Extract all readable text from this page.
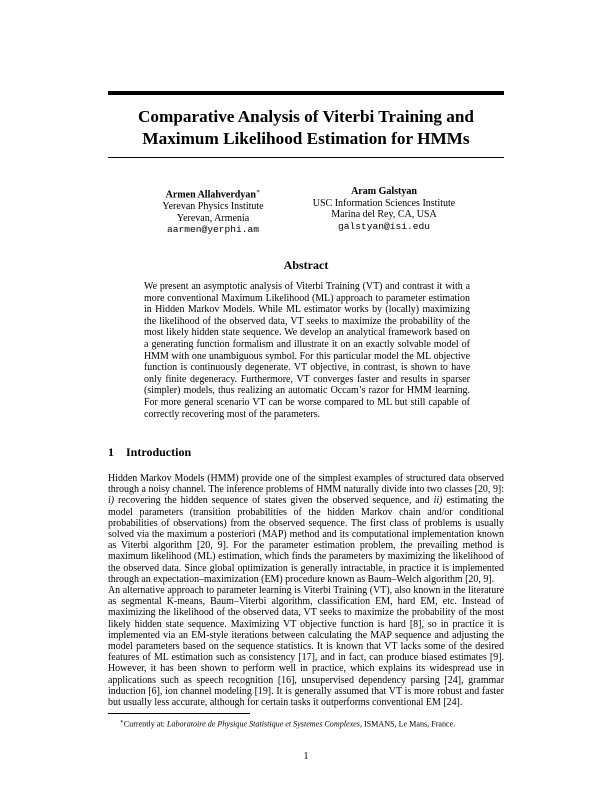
Comparative Analysis of Viterbi Training and
Maximum Likelihood Estimation for HMMs
Armen Allahverdyan∗
Yerevan Physics Institute
Yerevan, Armenia
aarmen@yerphi.am
Aram Galstyan
USC Information Sciences Institute
Marina del Rey, CA, USA
galstyan@isi.edu
Abstract
We present an asymptotic analysis of Viterbi Training (VT) and contrast it with a more conventional Maximum Likelihood (ML) approach to parameter estimation in Hidden Markov Models. While ML estimator works by (locally) maximizing the likelihood of the observed data, VT seeks to maximize the probability of the most likely hidden state sequence. We develop an analytical framework based on a generating function formalism and illustrate it on an exactly solvable model of HMM with one unambiguous symbol. For this particular model the ML objective function is continuously degenerate. VT objective, in contrast, is shown to have only finite degeneracy. Furthermore, VT converges faster and results in sparser (simpler) models, thus realizing an automatic Occam’s razor for HMM learning. For more general scenario VT can be worse compared to ML but still capable of correctly recovering most of the parameters.
1 Introduction
Hidden Markov Models (HMM) provide one of the simplest examples of structured data observed through a noisy channel. The inference problems of HMM naturally divide into two classes [20, 9]: i) recovering the hidden sequence of states given the observed sequence, and ii) estimating the model parameters (transition probabilities of the hidden Markov chain and/or conditional probabilities of observations) from the observed sequence. The first class of problems is usually solved via the maximum a posteriori (MAP) method and its computational implementation known as Viterbi algorithm [20, 9]. For the parameter estimation problem, the prevailing method is maximum likelihood (ML) estimation, which finds the parameters by maximizing the likelihood of the observed data. Since global optimization is generally intractable, in practice it is implemented through an expectation–maximization (EM) procedure known as Baum–Welch algorithm [20, 9].
An alternative approach to parameter learning is Viterbi Training (VT), also known in the literature as segmental K-means, Baum–Viterbi algorithm, classification EM, hard EM, etc. Instead of maximizing the likelihood of the observed data, VT seeks to maximize the probability of the most likely hidden state sequence. Maximizing VT objective function is hard [8], so in practice it is implemented via an EM-style iterations between calculating the MAP sequence and adjusting the model parameters based on the sequence statistics. It is known that VT lacks some of the desired features of ML estimation such as consistency [17], and in fact, can produce biased estimates [9]. However, it has been shown to perform well in practice, which explains its widespread use in applications such as speech recognition [16], unsupervised dependency parsing [24], grammar induction [6], ion channel modeling [19]. It is generally assumed that VT is more robust and faster but usually less accurate, although for certain tasks it outperforms conventional EM [24].
∗Currently at: Laboratoire de Physique Statistique et Systemes Complexes, ISMANS, Le Mans, France.
1
